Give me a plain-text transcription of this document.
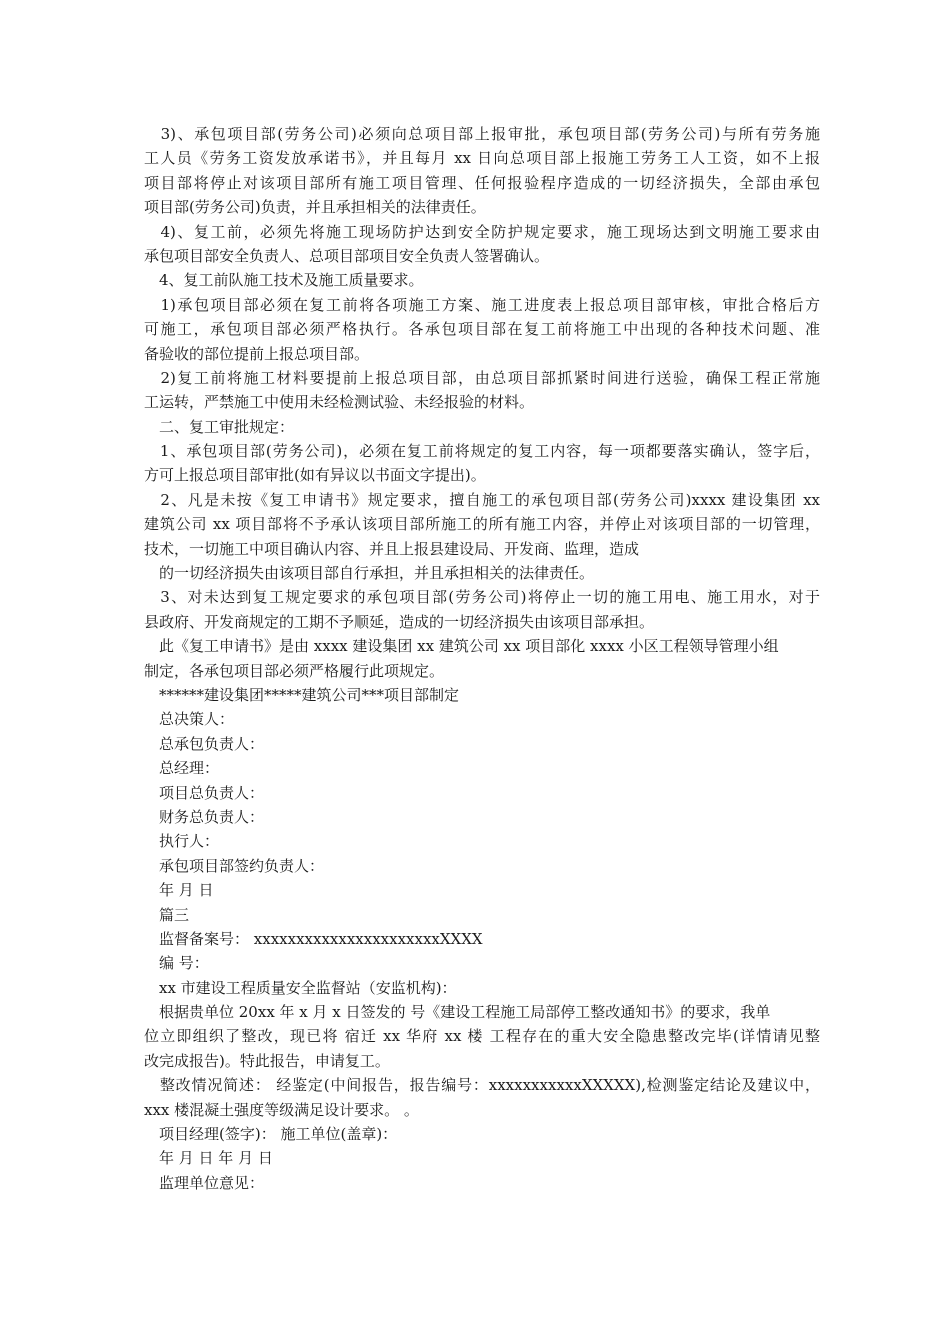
　3)、承包项目部(劳务公司)必须向总项目部上报审批，承包项目部(劳务公司)与所有劳务施
工人员《劳务工资发放承诺书》，并且每月 xx 日向总项目部上报施工劳务工人工资，如不上报
项目部将停止对该项目部所有施工项目管理、任何报验程序造成的一切经济损失，全部由承包
项目部(劳务公司)负责，并且承担相关的法律责任。
　4)、复工前，必须先将施工现场防护达到安全防护规定要求，施工现场达到文明施工要求由
承包项目部安全负责人、总项目部项目安全负责人签署确认。
　4、复工前队施工技术及施工质量要求。
　1)承包项目部必须在复工前将各项施工方案、施工进度表上报总项目部审核，审批合格后方
可施工，承包项目部必须严格执行。各承包项目部在复工前将施工中出现的各种技术问题、准
备验收的部位提前上报总项目部。
　2)复工前将施工材料要提前上报总项目部，由总项目部抓紧时间进行送验，确保工程正常施
工运转，严禁施工中使用未经检测试验、未经报验的材料。
　二、复工审批规定：
　1、承包项目部(劳务公司)，必须在复工前将规定的复工内容，每一项都要落实确认，签字后，
方可上报总项目部审批(如有异议以书面文字提出)。
　2、凡是未按《复工申请书》规定要求，擅自施工的承包项目部(劳务公司)xxxx 建设集团 xx
建筑公司 xx 项目部将不予承认该项目部所施工的所有施工内容，并停止对该项目部的一切管理，
技术，一切施工中项目确认内容、并且上报县建设局、开发商、监理，造成
　的一切经济损失由该项目部自行承担，并且承担相关的法律责任。
　3、对未达到复工规定要求的承包项目部(劳务公司)将停止一切的施工用电、施工用水，对于
县政府、开发商规定的工期不予顺延，造成的一切经济损失由该项目部承担。
　此《复工申请书》是由 xxxx 建设集团 xx 建筑公司 xx 项目部化 xxxx 小区工程领导管理小组
制定，各承包项目部必须严格履行此项规定。
　******建设集团*****建筑公司***项目部制定
　总决策人：
　总承包负责人：
　总经理：
　项目总负责人：
　财务总负责人：
　执行人：
　承包项目部签约负责人：
　年 月 日
　篇三
　监督备案号： xxxxxxxxxxxxxxxxxxxxxxXXXX
　编 号：
　xx 市建设工程质量安全监督站（安监机构)：
　根据贵单位 20xx 年 x 月 x 日签发的 号《建设工程施工局部停工整改通知书》的要求，我单
位立即组织了整改，现已将 宿迁 xx 华府 xx 楼 工程存在的重大安全隐患整改完毕(详情请见整
改完成报告)。特此报告，申请复工。
　整改情况简述： 经鉴定(中间报告，报告编号：xxxxxxxxxxxXXXXX),检测鉴定结论及建议中，
xxx 楼混凝土强度等级满足设计要求。 。
　项目经理(签字)： 施工单位(盖章)：
　年 月 日 年 月 日
　监理单位意见：
